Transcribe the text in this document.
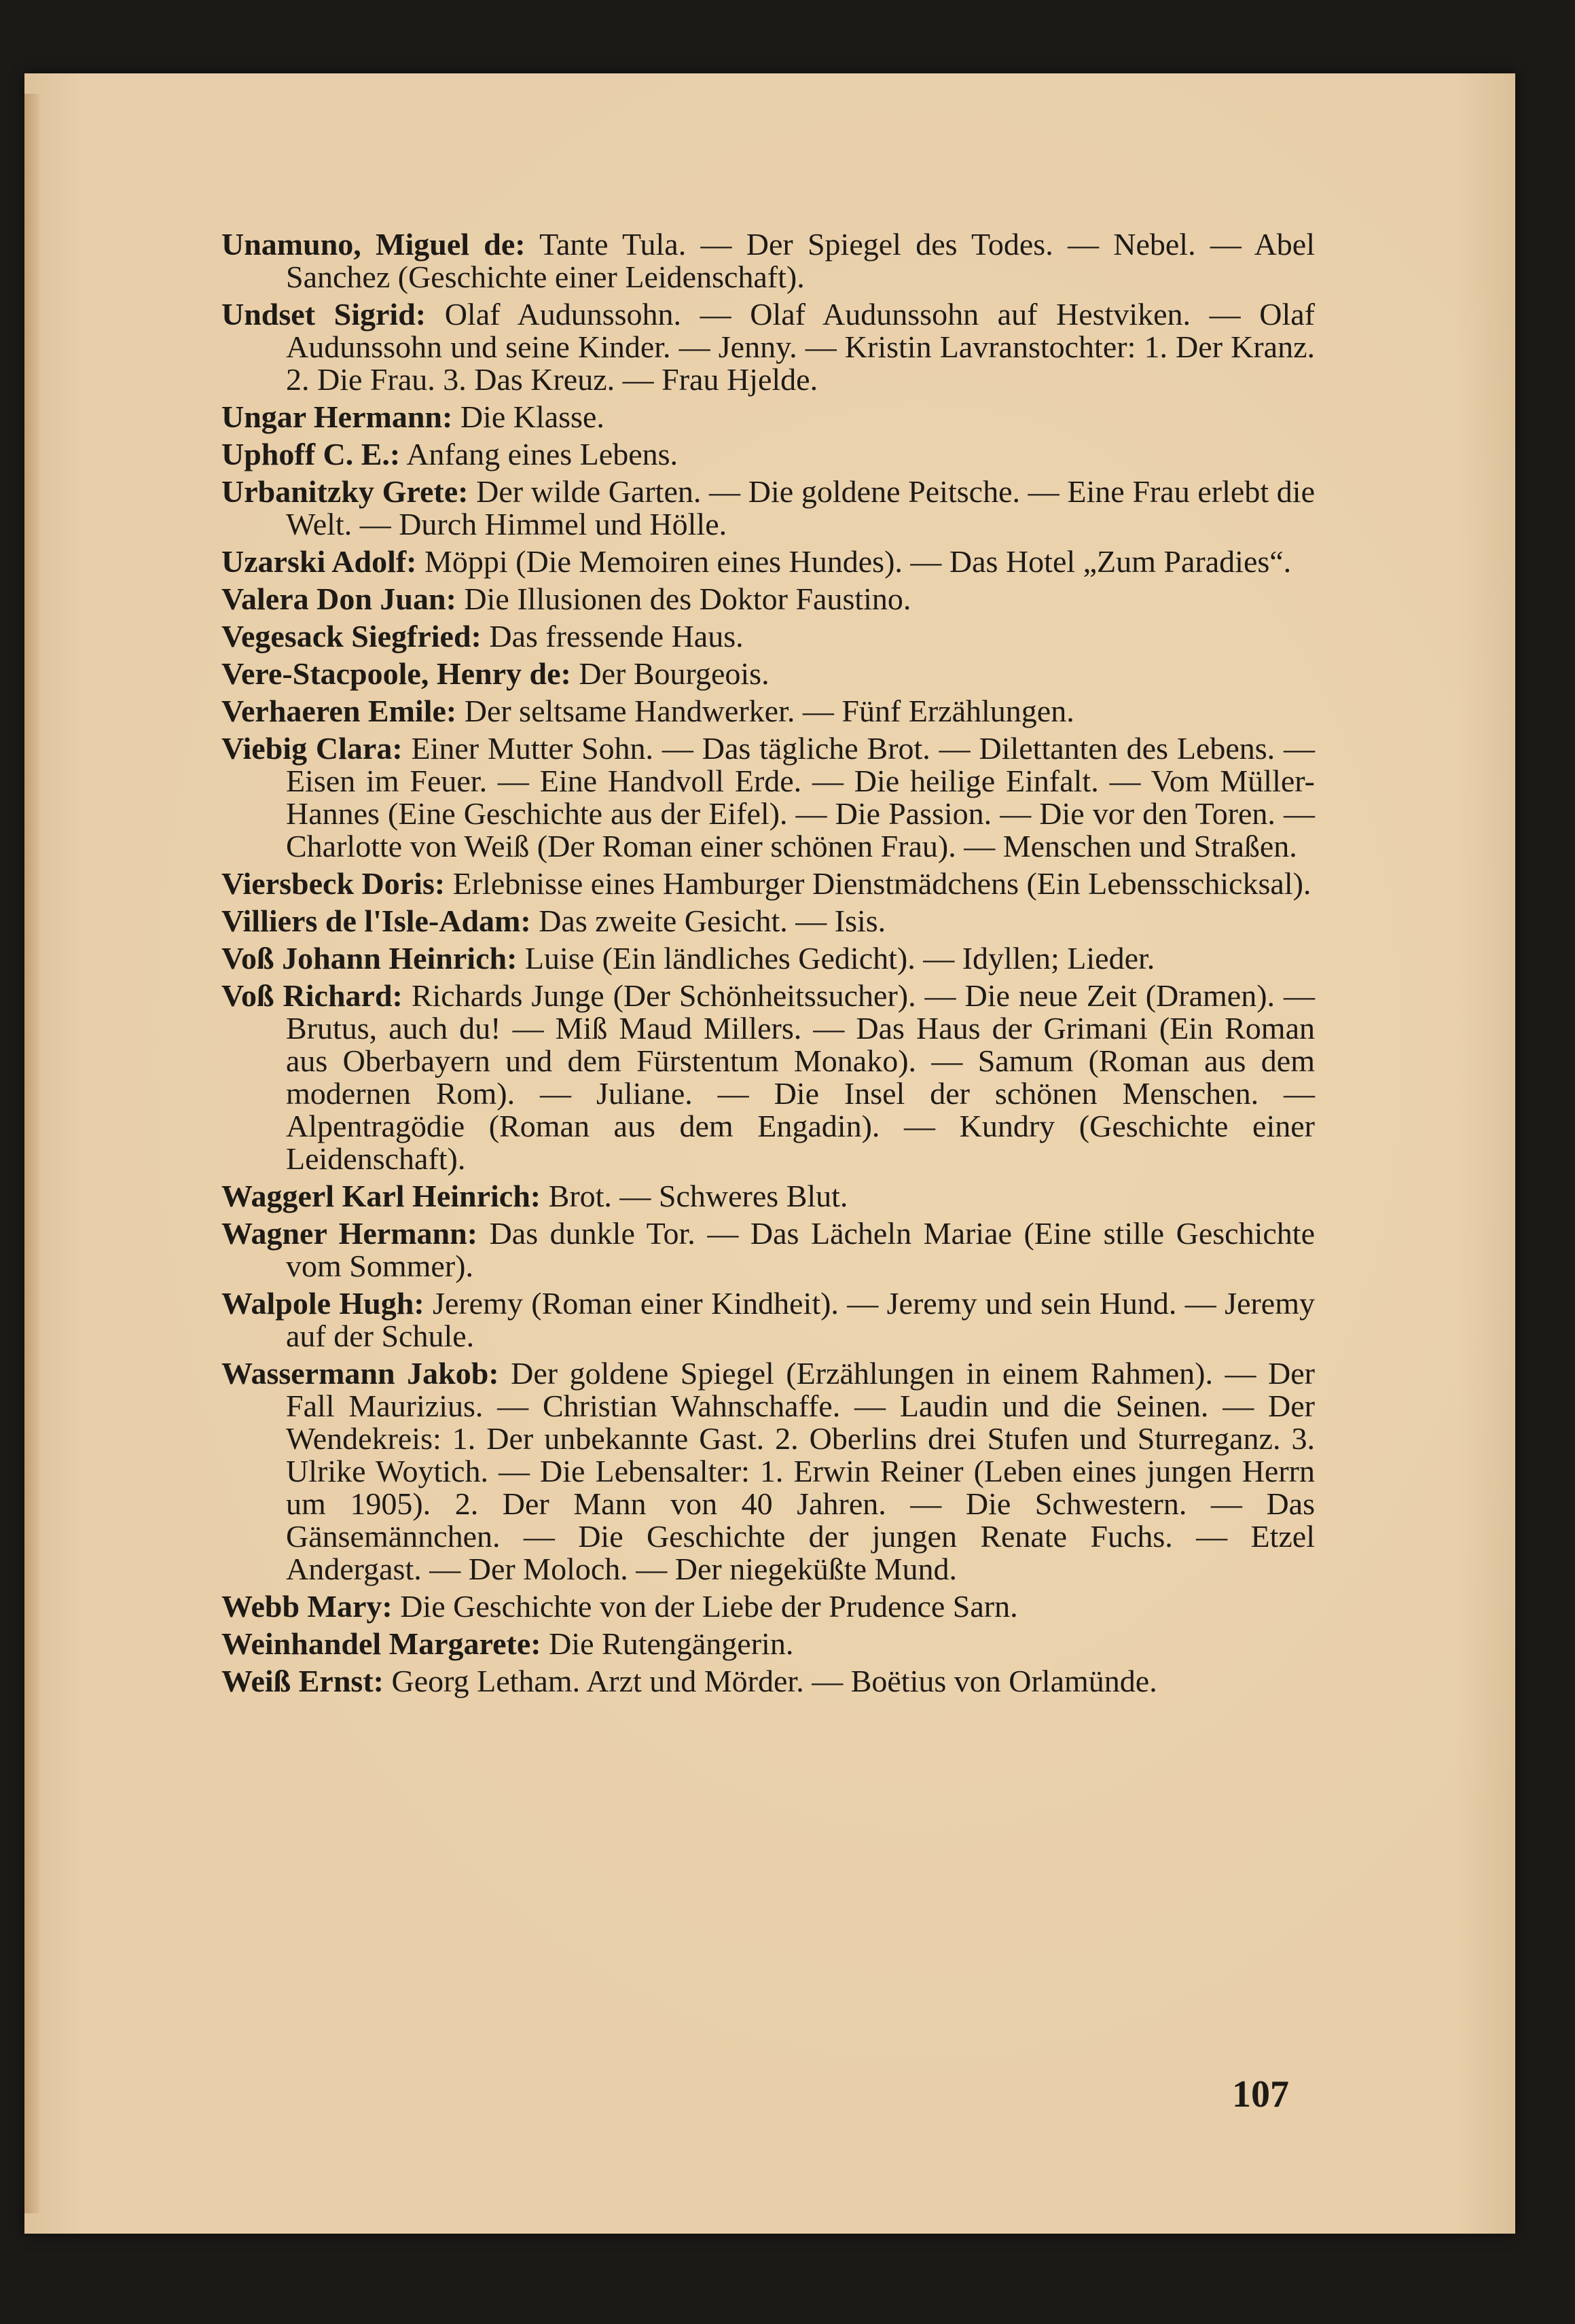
Unamuno, Miguel de: Tante Tula. — Der Spiegel des Todes. — Nebel. — Abel Sanchez (Geschichte einer Leidenschaft).

Undset Sigrid: Olaf Audunssohn. — Olaf Audunssohn auf Hestviken. — Olaf Audunssohn und seine Kinder. — Jenny. — Kristin Lavranstochter: 1. Der Kranz. 2. Die Frau. 3. Das Kreuz. — Frau Hjelde.

Ungar Hermann: Die Klasse.

Uphoff C. E.: Anfang eines Lebens.

Urbanitzky Grete: Der wilde Garten. — Die goldene Peitsche. — Eine Frau erlebt die Welt. — Durch Himmel und Hölle.

Uzarski Adolf: Möppi (Die Memoiren eines Hundes). — Das Hotel „Zum Paradies“.

Valera Don Juan: Die Illusionen des Doktor Faustino.

Vegesack Siegfried: Das fressende Haus.

Vere-Stacpoole, Henry de: Der Bourgeois.

Verhaeren Emile: Der seltsame Handwerker. — Fünf Erzählungen.

Viebig Clara: Einer Mutter Sohn. — Das tägliche Brot. — Dilettanten des Lebens. — Eisen im Feuer. — Eine Handvoll Erde. — Die heilige Einfalt. — Vom Müller-Hannes (Eine Geschichte aus der Eifel). — Die Passion. — Die vor den Toren. — Charlotte von Weiß (Der Roman einer schönen Frau). — Menschen und Straßen.

Viersbeck Doris: Erlebnisse eines Hamburger Dienstmädchens (Ein Lebensschicksal).

Villiers de l'Isle-Adam: Das zweite Gesicht. — Isis.

Voß Johann Heinrich: Luise (Ein ländliches Gedicht). — Idyllen; Lieder.

Voß Richard: Richards Junge (Der Schönheitssucher). — Die neue Zeit (Dramen). — Brutus, auch du! — Miß Maud Millers. — Das Haus der Grimani (Ein Roman aus Oberbayern und dem Fürstentum Monako). — Samum (Roman aus dem modernen Rom). — Juliane. — Die Insel der schönen Menschen. — Alpentragödie (Roman aus dem Engadin). — Kundry (Geschichte einer Leidenschaft).

Waggerl Karl Heinrich: Brot. — Schweres Blut.

Wagner Hermann: Das dunkle Tor. — Das Lächeln Mariae (Eine stille Geschichte vom Sommer).

Walpole Hugh: Jeremy (Roman einer Kindheit). — Jeremy und sein Hund. — Jeremy auf der Schule.

Wassermann Jakob: Der goldene Spiegel (Erzählungen in einem Rahmen). — Der Fall Maurizius. — Christian Wahnschaffe. — Laudin und die Seinen. — Der Wendekreis: 1. Der unbekannte Gast. 2. Oberlins drei Stufen und Sturreganz. 3. Ulrike Woytich. — Die Lebensalter: 1. Erwin Reiner (Leben eines jungen Herrn um 1905). 2. Der Mann von 40 Jahren. — Die Schwestern. — Das Gänsemännchen. — Die Geschichte der jungen Renate Fuchs. — Etzel Andergast. — Der Moloch. — Der niegeküßte Mund.

Webb Mary: Die Geschichte von der Liebe der Prudence Sarn.

Weinhandel Margarete: Die Rutengängerin.

Weiß Ernst: Georg Letham. Arzt und Mörder. — Boëtius von Orlamünde.

107
